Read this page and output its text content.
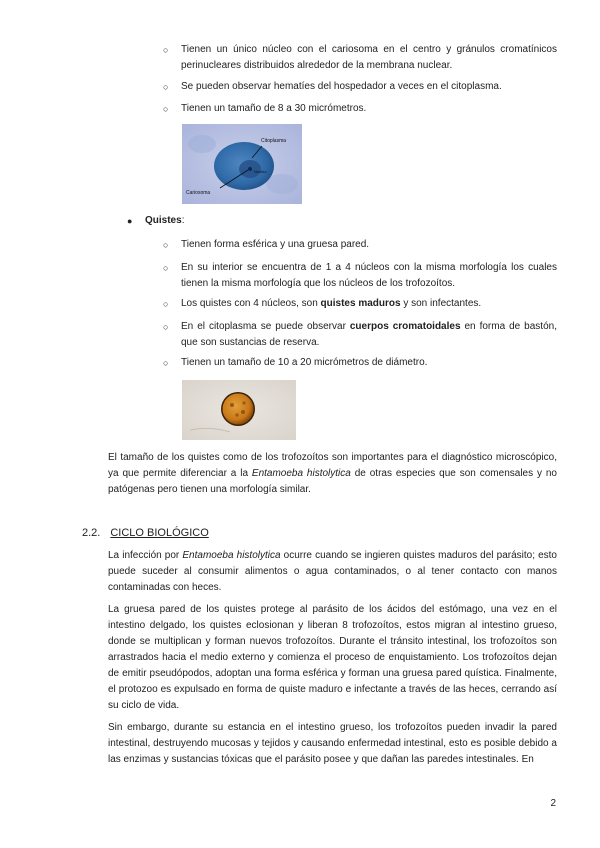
○ Tienen un único núcleo con el cariosoma en el centro y gránulos cromatínicos perinucleares distribuidos alrededor de la membrana nuclear.
○ Se pueden observar hematíes del hospedador a veces en el citoplasma.
○ Tienen un tamaño de 8 a 30 micrómetros.
Citoplasma
Núcleo
Cariosoma
● Quistes:
○ Tienen forma esférica y una gruesa pared.
○ En su interior se encuentra de 1 a 4 núcleos con la misma morfología los cuales tienen la misma morfología que los núcleos de los trofozoítos.
○ Los quistes con 4 núcleos, son quistes maduros y son infectantes.
○ En el citoplasma se puede observar cuerpos cromatoidales en forma de bastón, que son sustancias de reserva.
○ Tienen un tamaño de 10 a 20 micrómetros de diámetro.
El tamaño de los quistes como de los trofozoítos son importantes para el diagnóstico microscópico, ya que permite diferenciar a la Entamoeba histolytica de otras especies que son comensales y no patógenas pero tienen una morfología similar.
2.2. CICLO BIOLÓGICO
La infección por Entamoeba histolytica ocurre cuando se ingieren quistes maduros del parásito; esto puede suceder al consumir alimentos o agua contaminados, o al tener contacto con manos contaminadas con heces.
La gruesa pared de los quistes protege al parásito de los ácidos del estómago, una vez en el intestino delgado, los quistes eclosionan y liberan 8 trofozoítos, estos migran al intestino grueso, donde se multiplican y forman nuevos trofozoítos. Durante el tránsito intestinal, los trofozoítos son arrastrados hacia el medio externo y comienza el proceso de enquistamiento. Los trofozoítos dejan de emitir pseudópodos, adoptan una forma esférica y forman una gruesa pared quística. Finalmente, el protozoo es expulsado en forma de quiste maduro e infectante a través de las heces, cerrando así su ciclo de vida.
Sin embargo, durante su estancia en el intestino grueso, los trofozoítos pueden invadir la pared intestinal, destruyendo mucosas y tejidos y causando enfermedad intestinal, esto es posible debido a las enzimas y sustancias tóxicas que el parásito posee y que dañan las paredes intestinales. En
2
